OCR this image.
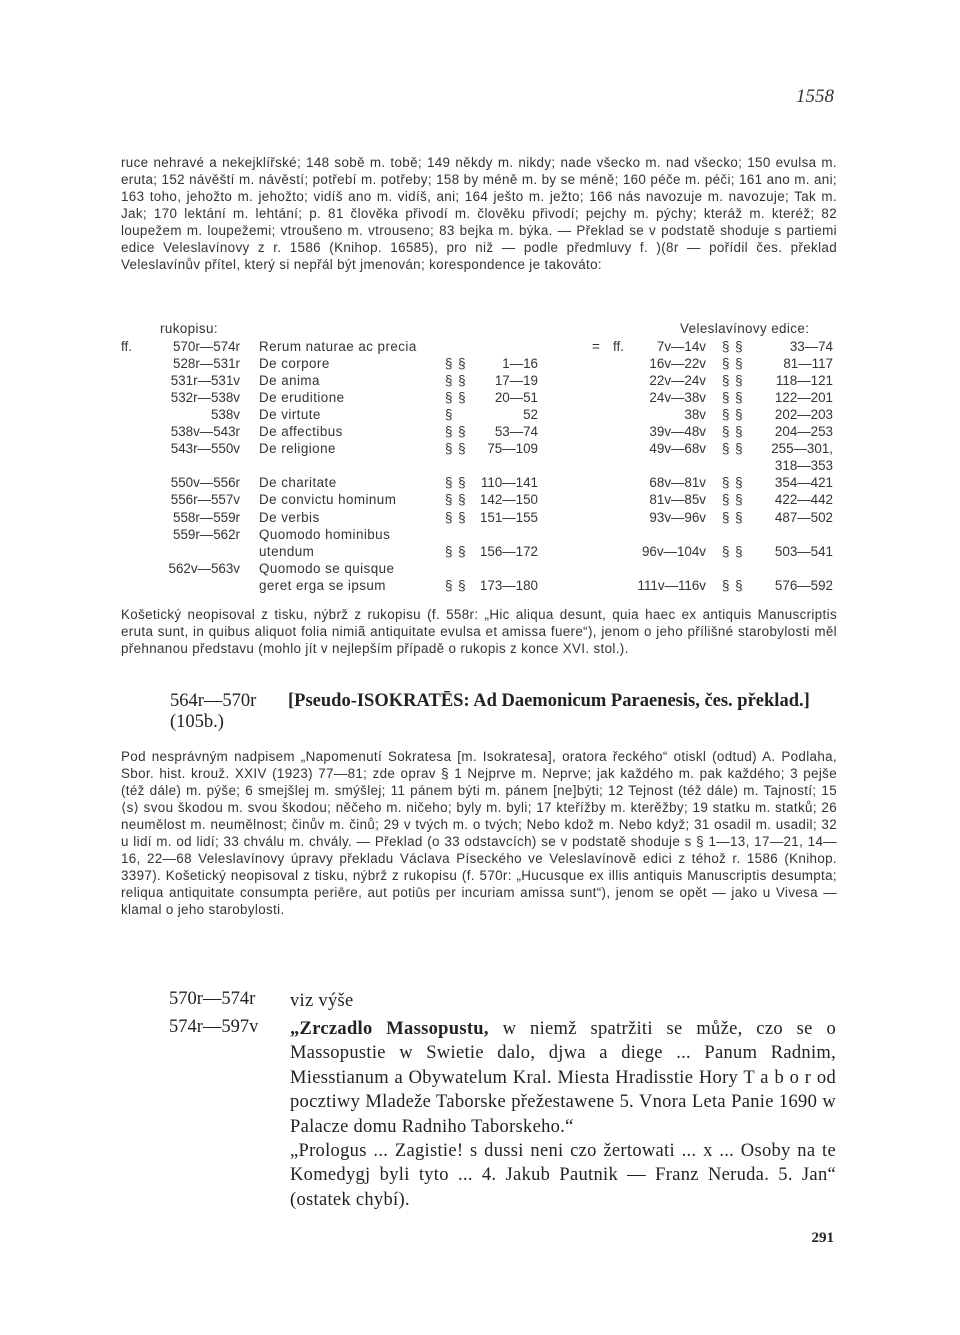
1558
ruce nehravé a nekejklířské; 148 sobě m. tobě; 149 někdy m. nikdy; nade všecko m. nad všecko; 150 evulsa m. eruta; 152 návěští m. návěstí; potřebí m. potřeby; 158 by méně m. by se méně; 160 péče m. péči; 161 ano m. ani; 163 toho, jehožto m. jehožto; vidíš ano m. vidíš, ani; 164 ješto m. ježto; 166 nás navozuje m. navozuje; Tak m. Jak; 170 lektání m. lehtání; p. 81 člověka přivodí m. člověku přivodí; pejchy m. pýchy; kteráž m. kteréž; 82 loupežem m. loupežemi; vtroušeno m. vtrouseno; 83 bejka m. býka. — Překlad se v podstatě shoduje s partiemi edice Veleslavínovy z r. 1586 (Knihop. 16585), pro niž — podle předmluvy f. )(8r — pořídil čes. překlad Veleslavínův přítel, který si nepřál být jmenován; korespondence je takováto:
rukopisu:	Veleslavínovy edice:
ff.	570r—574r Rerum naturae ac precia	= ff. 7v—14v § §	33—74
528r—531r De corpore	§ §	1—16	16v—22v § §	81—117
531r—531v De anima	§ § 17—19	22v—24v § § 118—121
532r—538v De eruditione	§ § 20—51	24v—38v § § 122—201
538v De virtute	§	52	38v § § 202—203
538v—543r De affectibus	§ § 53—74	39v—48v § § 204—253
543r—550v De religione	§ § 75—109	49v—68v § § 255—301,
318—353
550v—556r De charitate	§ § 110—141	68v—81v § § 354—421
556r—557v De convictu hominum	§ § 142—150	81v—85v § § 422—442
558r—559r De verbis	§ § 151—155	93v—96v § § 487—502
559r—562r Quomodo hominibus
utendum	§ § 156—172	96v—104v § § 503—541
562v—563v Quomodo se quisque
geret erga se ipsum	§ § 173—180	111v—116v § § 576—592
Košetický neopisoval z tisku, nýbrž z rukopisu (f. 558r: „Hic aliqua desunt, quia haec ex antiquis Manuscriptis eruta sunt, in quibus aliquot folia nimiã antiquitate evulsa et amissa fuere“), jenom o jeho přílišné starobylosti měl přehnanou představu (mohlo jít v nejlepším případě o rukopis z konce XVI. stol.).
564r—570r
(105b.)
[Pseudo-ISOKRATĒS: Ad Daemonicum Paraenesis, čes. překlad.]
Pod nesprávným nadpisem „Napomenutí Sokratesa [m. Isokratesa], oratora řeckého“ otiskl (odtud) A. Podlaha, Sbor. hist. krouž. XXIV (1923) 77—81; zde oprav § 1 Nejprve m. Neprve; jak každého m. pak každého; 3 pejše (též dále) m. pýše; 6 smejšlej m. smýšlej; 11 pánem býti m. pánem [ne]býti; 12 Tejnost (též dále) m. Tajností; 15 ⟨s⟩ svou škodou m. svou škodou; něčeho m. ničeho; byly m. byli; 17 kteřížby m. kterěžby; 19 statku m. statků; 26 neumělost m. neumělnost; činův m. činů; 29 v tvých m. o tvých; Nebo kdož m. Nebo když; 31 osadil m. usadil; 32 u lidí m. od lidí; 33 chválu m. chvály. — Překlad (o 33 odstavcích) se v podstatě shoduje s § 1—13, 17—21, 14—16, 22—68 Veleslavínovy úpravy překladu Václava Píseckého ve Veleslavínově edici z téhož r. 1586 (Knihop. 3397). Košetický neopisoval z tisku, nýbrž z rukopisu (f. 570r: „Hucusque ex illis antiquis Manuscriptis desumpta; reliqua antiquitate consumpta periēre, aut potiūs per incuriam amissa sunt“), jenom se opět — jako u Vivesa — klamal o jeho starobylosti.
570r—574r viz výše
574r—597v „Zrczadlo Massopustu, w niemž spatržiti se může, czo se o Massopustie w Swietie dalo, djwa a diege ... Panum Radnim, Miesstianum a Obywatelum Kral. Miesta Hradisstie Hory T a b o r od pocztiwy Mladeže Taborske přežestawene 5. Vnora Leta Panie 1690 w Palacze domu Radniho Taborskeho.“
„Prologus ... Zagistie! s dussi neni czo žertowati ... x ... Osoby na te Komedygj byli tyto ... 4. Jakub Pautnik — Franz Neruda. 5. Jan“ (ostatek chybí).
291
